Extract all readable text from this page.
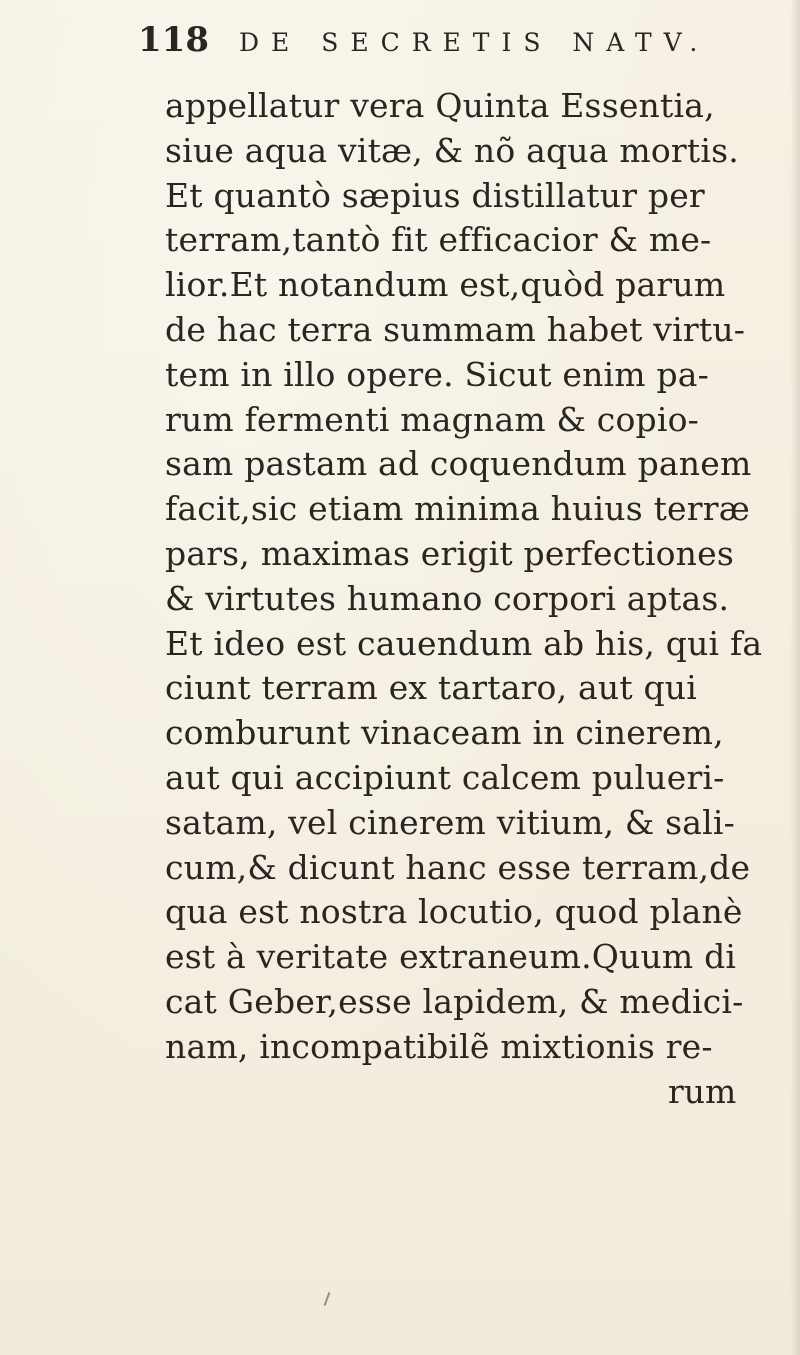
118 DE SECRETIS NATV.
appellatur vera Quinta Essentia,
siue aqua vitæ, & nõ aqua mortis.
Et quantò sæpius distillatur per
terram,tantò fit efficacior & me-
lior.Et notandum est,quòd parum
de hac terra summam habet virtu-
tem in illo opere. Sicut enim pa-
rum fermenti magnam & copio-
sam pastam ad coquendum panem
facit,sic etiam minima huius terræ
pars, maximas erigit perfectiones
& virtutes humano corpori aptas.
Et ideo est cauendum ab his, qui fa
ciunt terram ex tartaro, aut qui
comburunt vinaceam in cinerem,
aut qui accipiunt calcem pulueri-
satam, vel cinerem vitium, & sali-
cum,& dicunt hanc esse terram,de
qua est nostra locutio, quod planè
est à veritate extraneum.Quum di
cat Geber,esse lapidem, & medici-
nam, incompatibilẽ mixtionis re-
rum
